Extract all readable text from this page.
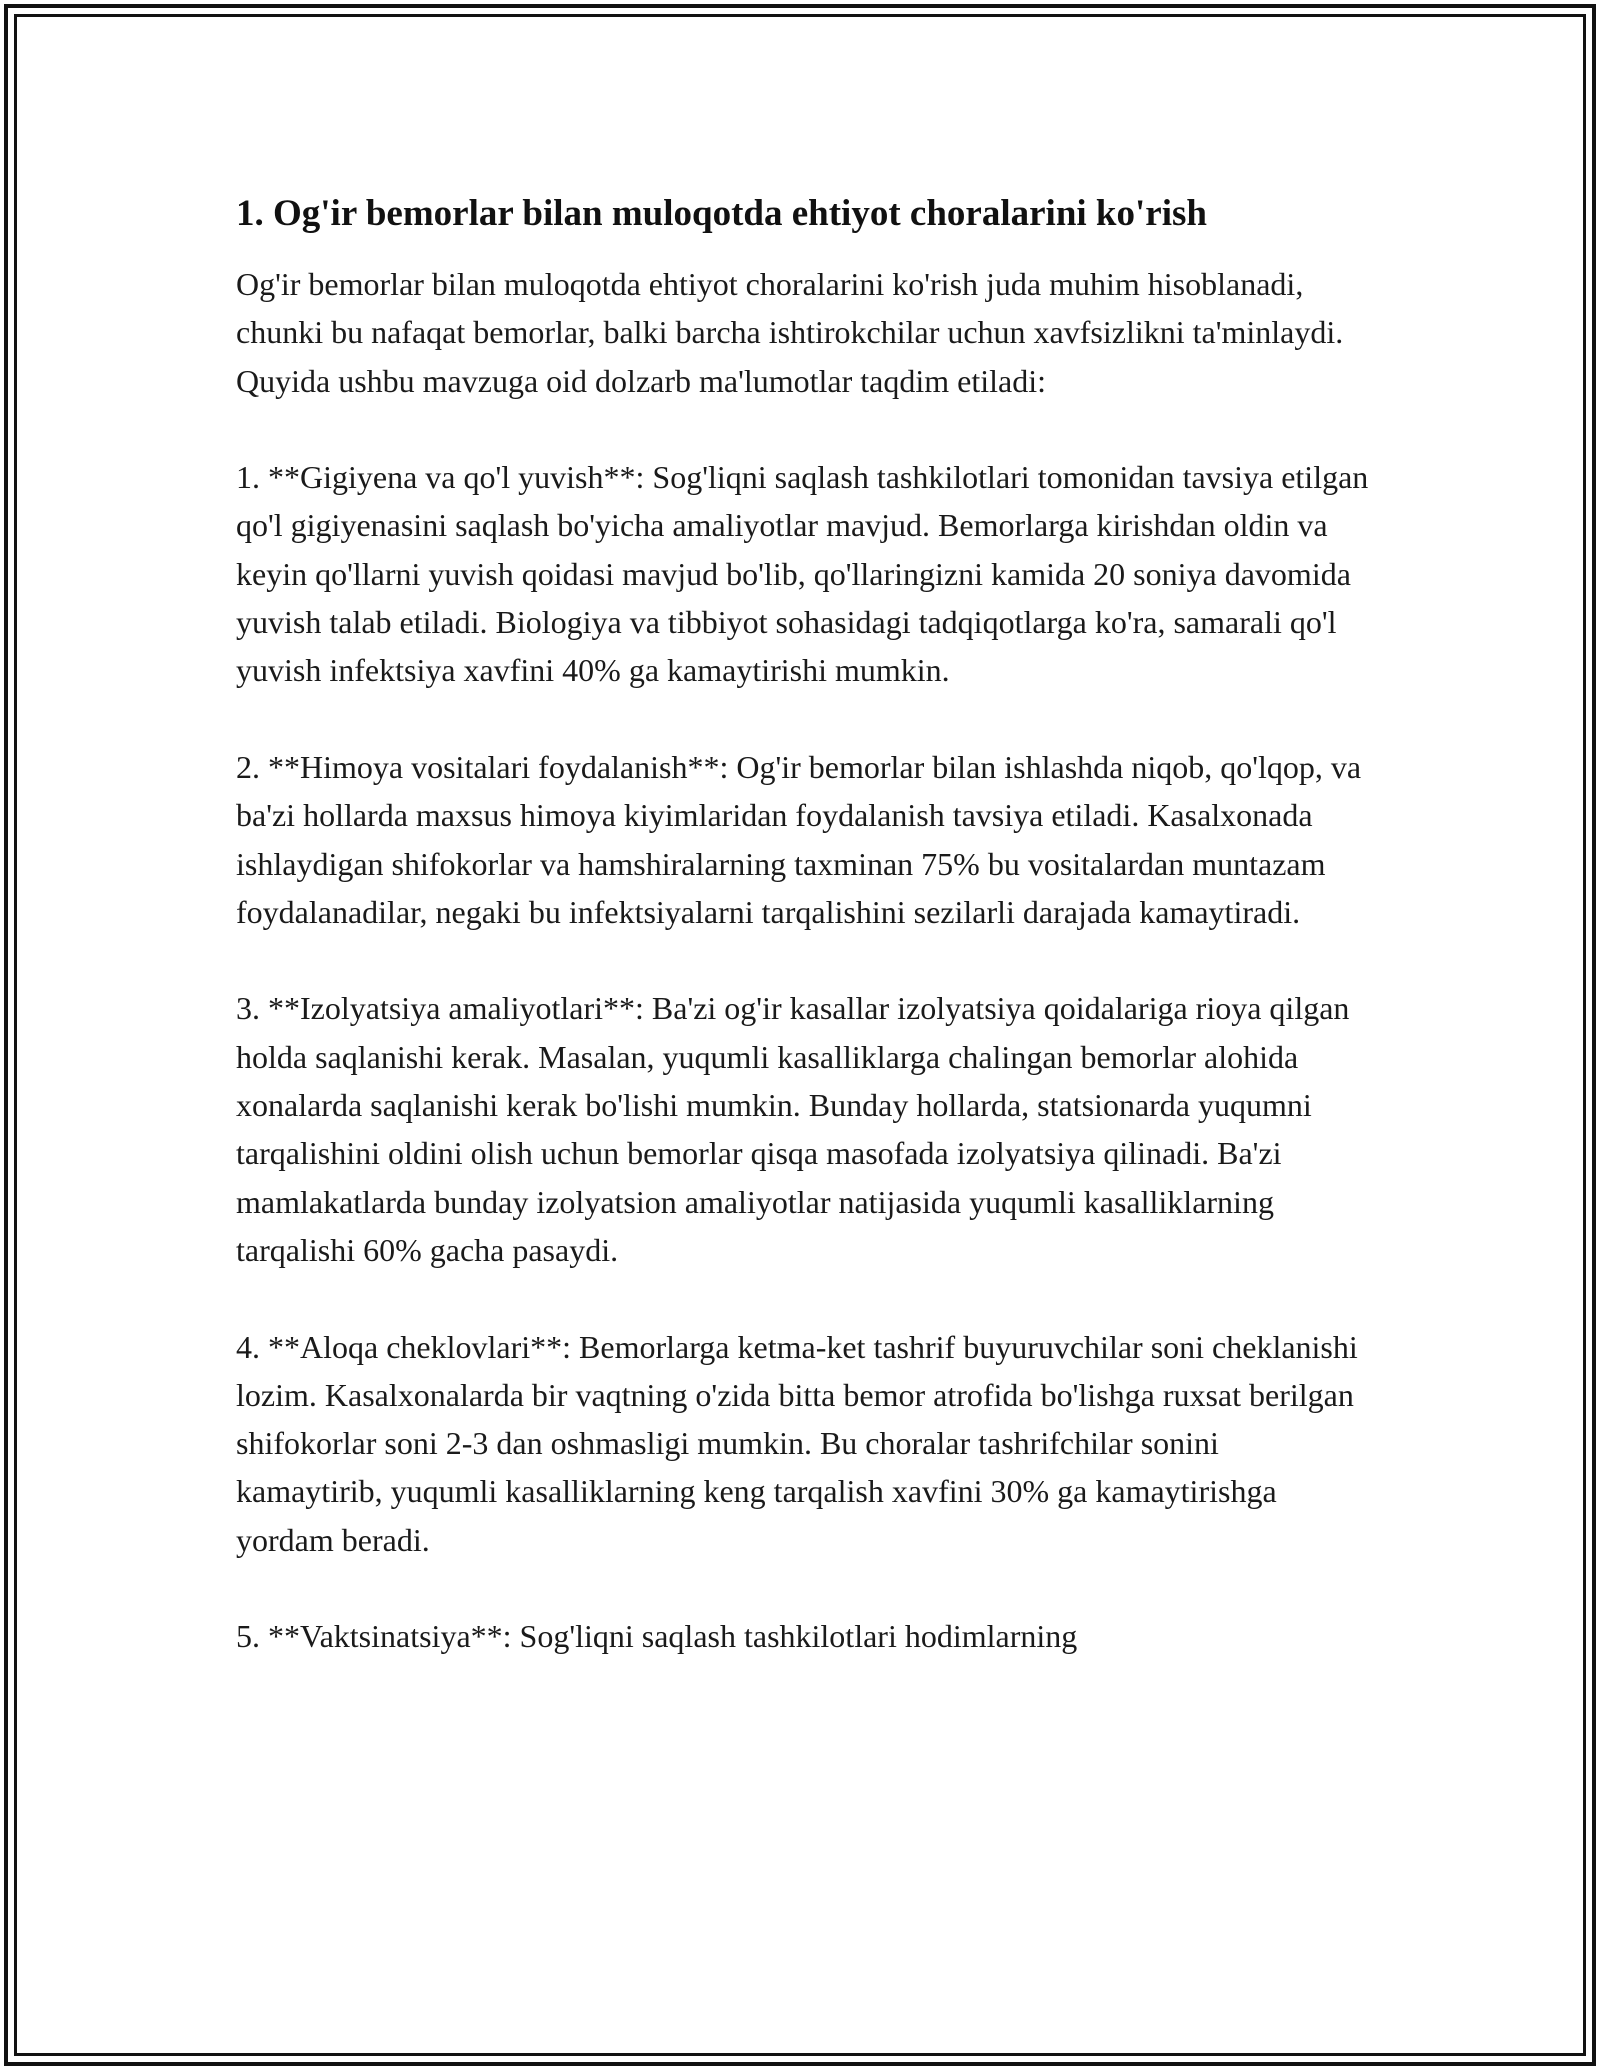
1. Og'ir bemorlar bilan muloqotda ehtiyot choralarini ko'rish

Og'ir bemorlar bilan muloqotda ehtiyot choralarini ko'rish juda muhim hisoblanadi, chunki bu nafaqat bemorlar, balki barcha ishtirokchilar uchun xavfsizlikni ta'minlaydi. Quyida ushbu mavzuga oid dolzarb ma'lumotlar taqdim etiladi:

1. **Gigiyena va qo'l yuvish**: Sog'liqni saqlash tashkilotlari tomonidan tavsiya etilgan qo'l gigiyenasini saqlash bo'yicha amaliyotlar mavjud. Bemorlarga kirishdan oldin va keyin qo'llarni yuvish qoidasi mavjud bo'lib, qo'llaringizni kamida 20 soniya davomida yuvish talab etiladi. Biologiya va tibbiyot sohasidagi tadqiqotlarga ko'ra, samarali qo'l yuvish infektsiya xavfini 40% ga kamaytirishi mumkin.

2. **Himoya vositalari foydalanish**: Og'ir bemorlar bilan ishlashda niqob, qo'lqop, va ba'zi hollarda maxsus himoya kiyimlaridan foydalanish tavsiya etiladi. Kasalxonada ishlaydigan shifokorlar va hamshiralarning taxminan 75% bu vositalardan muntazam foydalanadilar, negaki bu infektsiyalarni tarqalishini sezilarli darajada kamaytiradi.

3. **Izolyatsiya amaliyotlari**: Ba'zi og'ir kasallar izolyatsiya qoidalariga rioya qilgan holda saqlanishi kerak. Masalan, yuqumli kasalliklarga chalingan bemorlar alohida xonalarda saqlanishi kerak bo'lishi mumkin. Bunday hollarda, statsionarda yuqumni tarqalishini oldini olish uchun bemorlar qisqa masofada izolyatsiya qilinadi. Ba'zi mamlakatlarda bunday izolyatsion amaliyotlar natijasida yuqumli kasalliklarning tarqalishi 60% gacha pasaydi.

4. **Aloqa cheklovlari**: Bemorlarga ketma-ket tashrif buyuruvchilar soni cheklanishi lozim. Kasalxonalarda bir vaqtning o'zida bitta bemor atrofida bo'lishga ruxsat berilgan shifokorlar soni 2-3 dan oshmasligi mumkin. Bu choralar tashrifchilar sonini kamaytirib, yuqumli kasalliklarning keng tarqalish xavfini 30% ga kamaytirishga yordam beradi.

5. **Vaktsinatsiya**: Sog'liqni saqlash tashkilotlari hodimlarning
